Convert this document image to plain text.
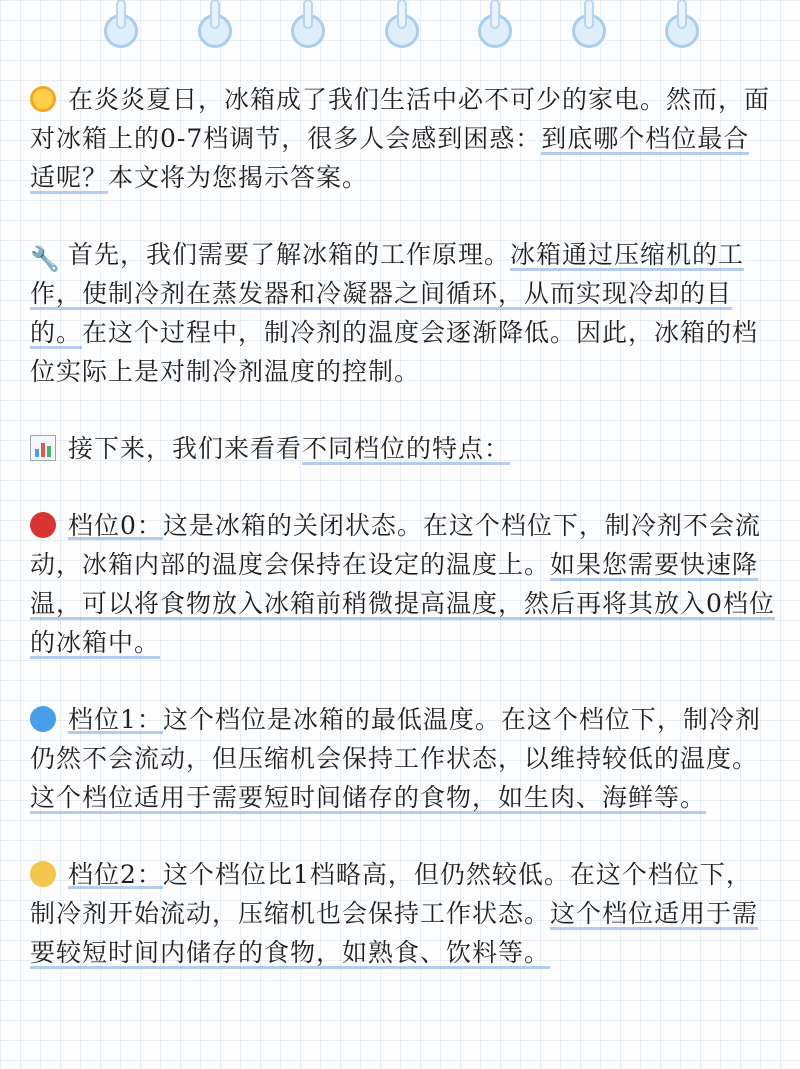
在炎炎夏日，冰箱成了我们生活中必不可少的家电。然而，面对冰箱上的0-7档调节，很多人会感到困惑：到底哪个档位最合适呢？本文将为您揭示答案。

🔧 首先，我们需要了解冰箱的工作原理。冰箱通过压缩机的工作，使制冷剂在蒸发器和冷凝器之间循环，从而实现冷却的目的。在这个过程中，制冷剂的温度会逐渐降低。因此，冰箱的档位实际上是对制冷剂温度的控制。

接下来，我们来看看不同档位的特点：

档位0：这是冰箱的关闭状态。在这个档位下，制冷剂不会流动，冰箱内部的温度会保持在设定的温度上。如果您需要快速降温，可以将食物放入冰箱前稍微提高温度，然后再将其放入0档位的冰箱中。

档位1：这个档位是冰箱的最低温度。在这个档位下，制冷剂仍然不会流动，但压缩机会保持工作状态，以维持较低的温度。这个档位适用于需要短时间储存的食物，如生肉、海鲜等。

档位2：这个档位比1档略高，但仍然较低。在这个档位下，制冷剂开始流动，压缩机也会保持工作状态。这个档位适用于需要较短时间内储存的食物，如熟食、饮料等。
